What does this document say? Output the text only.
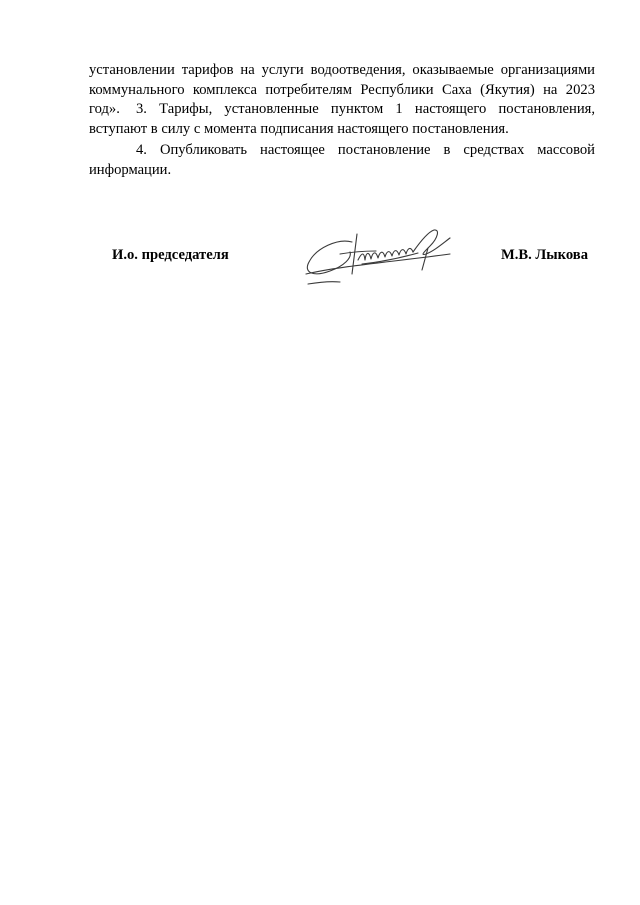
установлении тарифов на услуги водоотведения, оказываемые организациями коммунального комплекса потребителям Республики Саха (Якутия) на 2023 год».	3. Тарифы, установленные пунктом 1 настоящего постановления, вступают в силу с момента подписания настоящего постановления.

4. Опубликовать настоящее постановление в средствах массовой информации.

И.о. председателя	М.В. Лыкова
